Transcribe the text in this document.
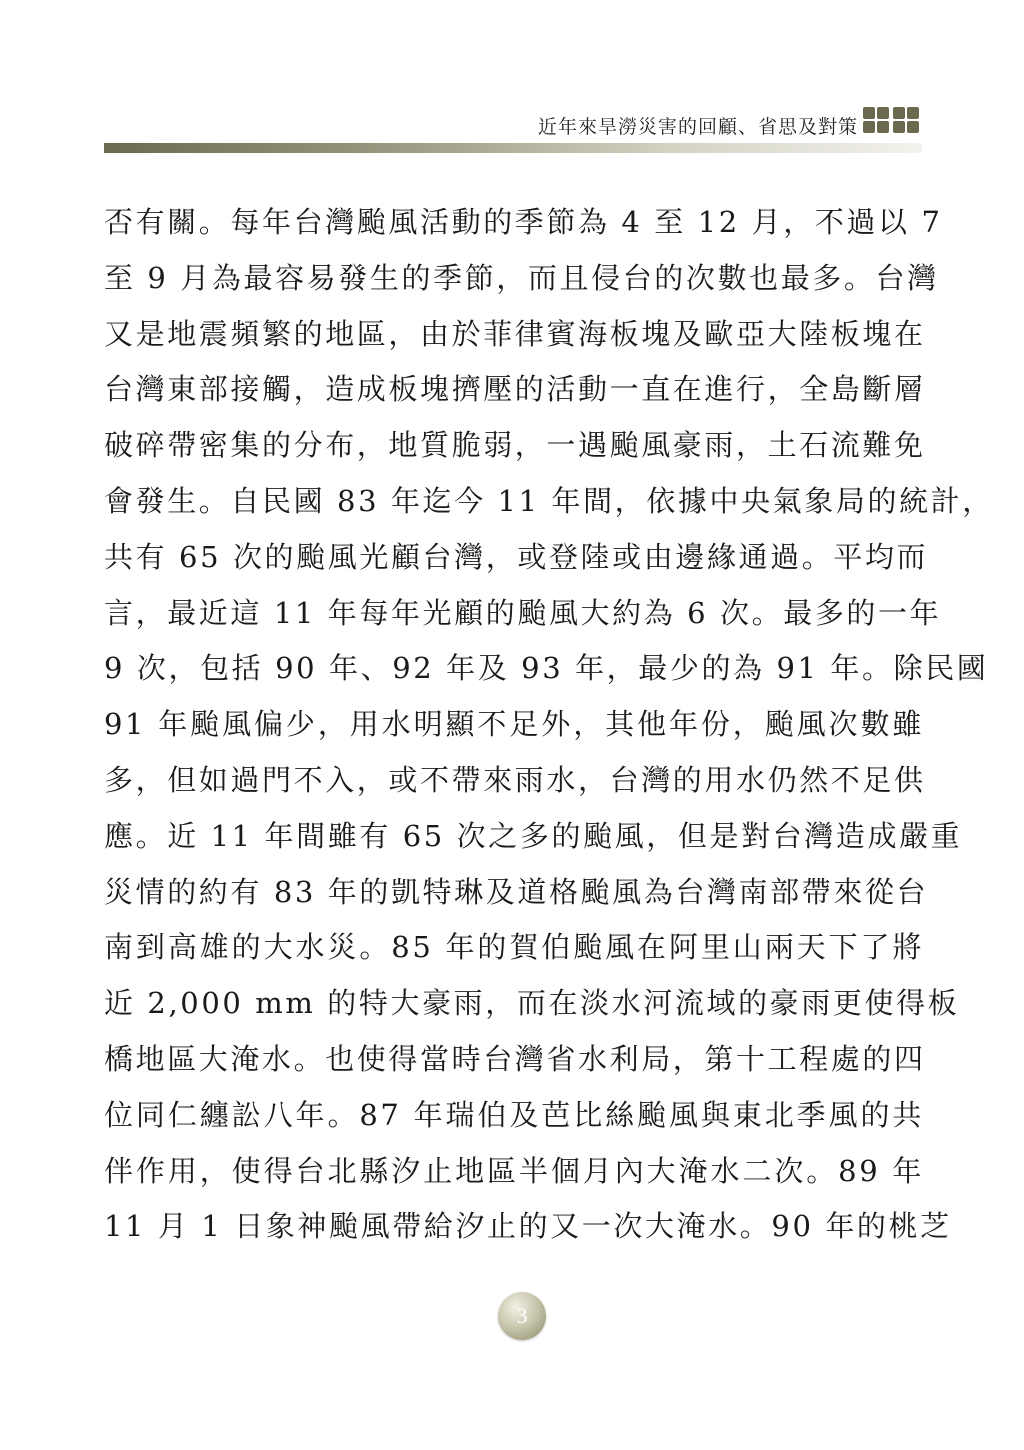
近年來旱澇災害的回顧、省思及對策
否有關。每年台灣颱風活動的季節為 4 至 12 月，不過以 7
至 9 月為最容易發生的季節，而且侵台的次數也最多。台灣
又是地震頻繁的地區，由於菲律賓海板塊及歐亞大陸板塊在
台灣東部接觸，造成板塊擠壓的活動一直在進行，全島斷層
破碎帶密集的分布，地質脆弱，一遇颱風豪雨，土石流難免
會發生。自民國 83 年迄今 11 年間，依據中央氣象局的統計，
共有 65 次的颱風光顧台灣，或登陸或由邊緣通過。平均而
言，最近這 11 年每年光顧的颱風大約為 6 次。最多的一年
9 次，包括 90 年、92 年及 93 年，最少的為 91 年。除民國
91 年颱風偏少，用水明顯不足外，其他年份，颱風次數雖
多，但如過門不入，或不帶來雨水，台灣的用水仍然不足供
應。近 11 年間雖有 65 次之多的颱風，但是對台灣造成嚴重
災情的約有 83 年的凱特琳及道格颱風為台灣南部帶來從台
南到高雄的大水災。85 年的賀伯颱風在阿里山兩天下了將
近 2,000 mm 的特大豪雨，而在淡水河流域的豪雨更使得板
橋地區大淹水。也使得當時台灣省水利局，第十工程處的四
位同仁纏訟八年。87 年瑞伯及芭比絲颱風與東北季風的共
伴作用，使得台北縣汐止地區半個月內大淹水二次。89 年
11 月 1 日象神颱風帶給汐止的又一次大淹水。90 年的桃芝
3
